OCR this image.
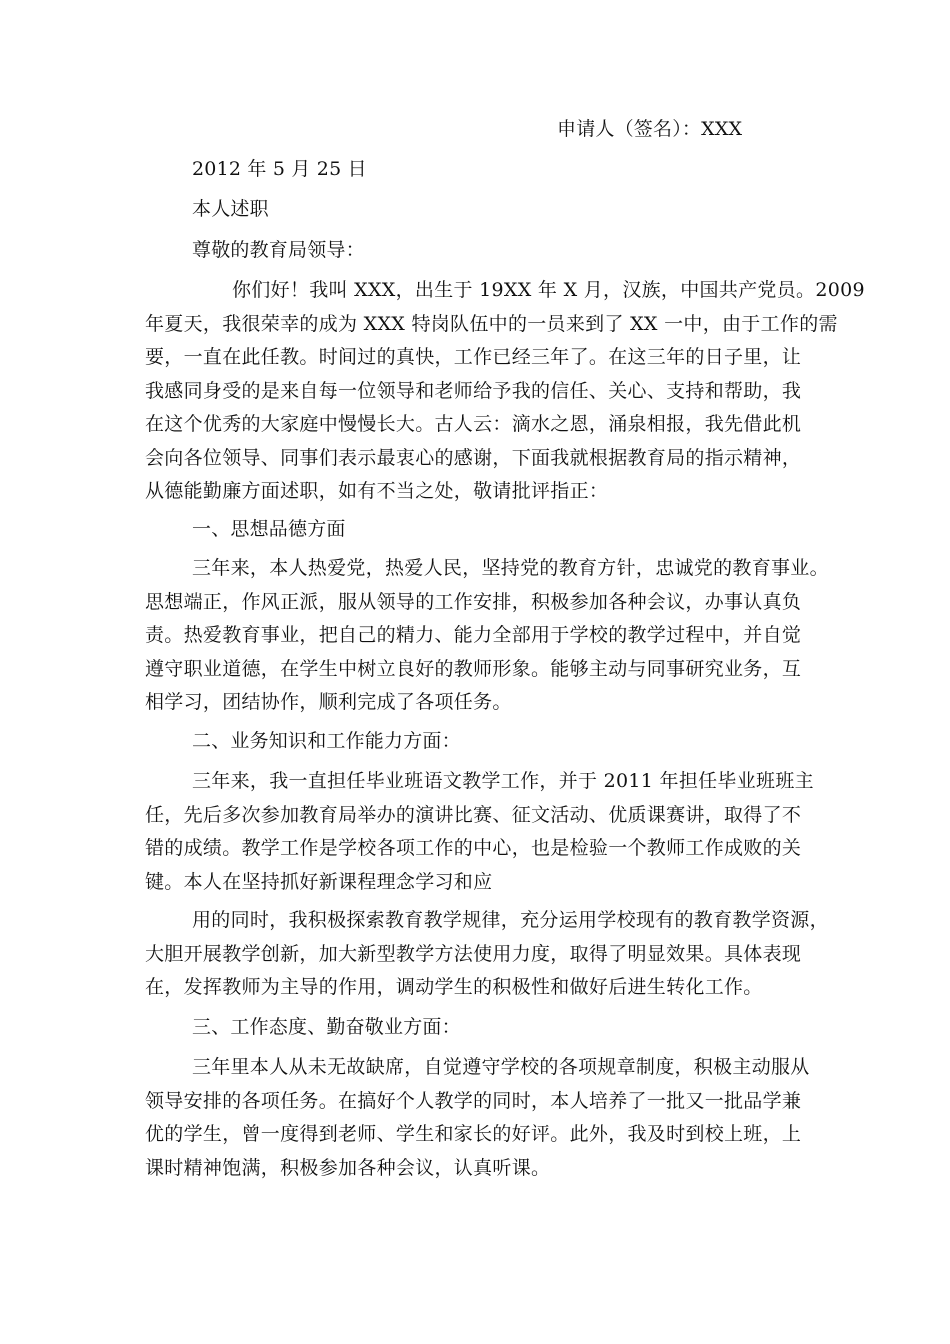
申请人（签名）：XXX
2012 年 5 月 25 日
本人述职
尊敬的教育局领导：
你们好！我叫 XXX，出生于 19XX 年 X 月，汉族，中国共产党员。2009
年夏天，我很荣幸的成为 XXX 特岗队伍中的一员来到了 XX 一中，由于工作的需
要，一直在此任教。时间过的真快，工作已经三年了。在这三年的日子里，让
我感同身受的是来自每一位领导和老师给予我的信任、关心、支持和帮助，我
在这个优秀的大家庭中慢慢长大。古人云：滴水之恩，涌泉相报，我先借此机
会向各位领导、同事们表示最衷心的感谢，下面我就根据教育局的指示精神，
从德能勤廉方面述职，如有不当之处，敬请批评指正：
一、思想品德方面
三年来，本人热爱党，热爱人民，坚持党的教育方针，忠诚党的教育事业。
思想端正，作风正派，服从领导的工作安排，积极参加各种会议，办事认真负
责。热爱教育事业，把自己的精力、能力全部用于学校的教学过程中，并自觉
遵守职业道德，在学生中树立良好的教师形象。能够主动与同事研究业务，互
相学习，团结协作，顺利完成了各项任务。
二、业务知识和工作能力方面：
三年来，我一直担任毕业班语文教学工作，并于 2011 年担任毕业班班主
任，先后多次参加教育局举办的演讲比赛、征文活动、优质课赛讲，取得了不
错的成绩。教学工作是学校各项工作的中心，也是检验一个教师工作成败的关
键。本人在坚持抓好新课程理念学习和应
用的同时，我积极探索教育教学规律，充分运用学校现有的教育教学资源，
大胆开展教学创新，加大新型教学方法使用力度，取得了明显效果。具体表现
在，发挥教师为主导的作用，调动学生的积极性和做好后进生转化工作。
三、工作态度、勤奋敬业方面：
三年里本人从未无故缺席，自觉遵守学校的各项规章制度，积极主动服从
领导安排的各项任务。在搞好个人教学的同时，本人培养了一批又一批品学兼
优的学生，曾一度得到老师、学生和家长的好评。此外，我及时到校上班，上
课时精神饱满，积极参加各种会议，认真听课。
